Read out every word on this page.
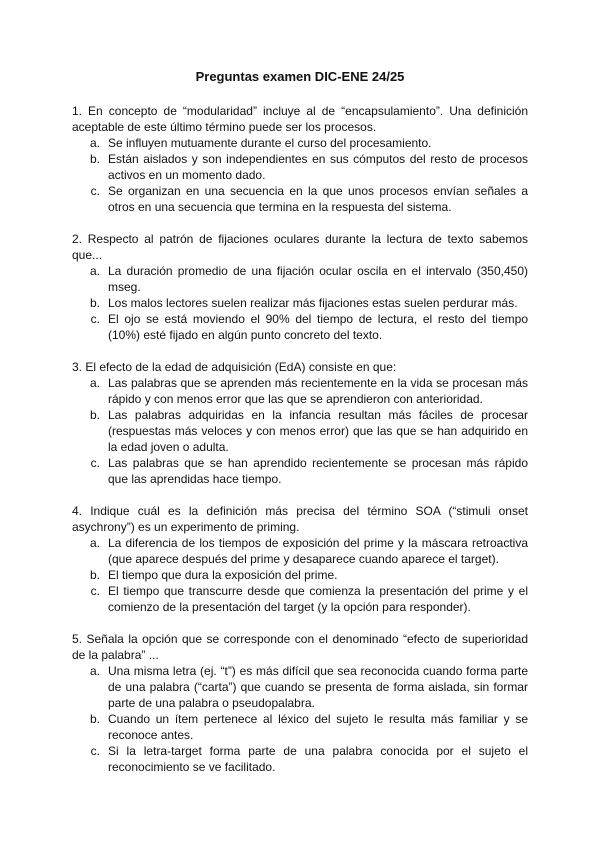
Preguntas examen DIC-ENE 24/25
1. En concepto de “modularidad” incluye al de “encapsulamiento”. Una definición aceptable de este último término puede ser los procesos.
a. Se influyen mutuamente durante el curso del procesamiento.
b. Están aislados y son independientes en sus cómputos del resto de procesos activos en un momento dado.
c. Se organizan en una secuencia en la que unos procesos envían señales a otros en una secuencia que termina en la respuesta del sistema.
2. Respecto al patrón de fijaciones oculares durante la lectura de texto sabemos que...
a. La duración promedio de una fijación ocular oscila en el intervalo (350,450) mseg.
b. Los malos lectores suelen realizar más fijaciones estas suelen perdurar más.
c. El ojo se está moviendo el 90% del tiempo de lectura, el resto del tiempo (10%) esté fijado en algún punto concreto del texto.
3. El efecto de la edad de adquisición (EdA) consiste en que:
a. Las palabras que se aprenden más recientemente en la vida se procesan más rápido y con menos error que las que se aprendieron con anterioridad.
b. Las palabras adquiridas en la infancia resultan más fáciles de procesar (respuestas más veloces y con menos error) que las que se han adquirido en la edad joven o adulta.
c. Las palabras que se han aprendido recientemente se procesan más rápido que las aprendidas hace tiempo.
4. Indique cuál es la definición más precisa del término SOA (“stimuli onset asychrony”) es un experimento de priming.
a. La diferencia de los tiempos de exposición del prime y la máscara retroactiva (que aparece después del prime y desaparece cuando aparece el target).
b. El tiempo que dura la exposición del prime.
c. El tiempo que transcurre desde que comienza la presentación del prime y el comienzo de la presentación del target (y la opción para responder).
5. Señala la opción que se corresponde con el denominado “efecto de superioridad de la palabra” ...
a. Una misma letra (ej. “t”) es más difícil que sea reconocida cuando forma parte de una palabra (“carta”) que cuando se presenta de forma aislada, sin formar parte de una palabra o pseudopalabra.
b. Cuando un ítem pertenece al léxico del sujeto le resulta más familiar y se reconoce antes.
c. Si la letra-target forma parte de una palabra conocida por el sujeto el reconocimiento se ve facilitado.
